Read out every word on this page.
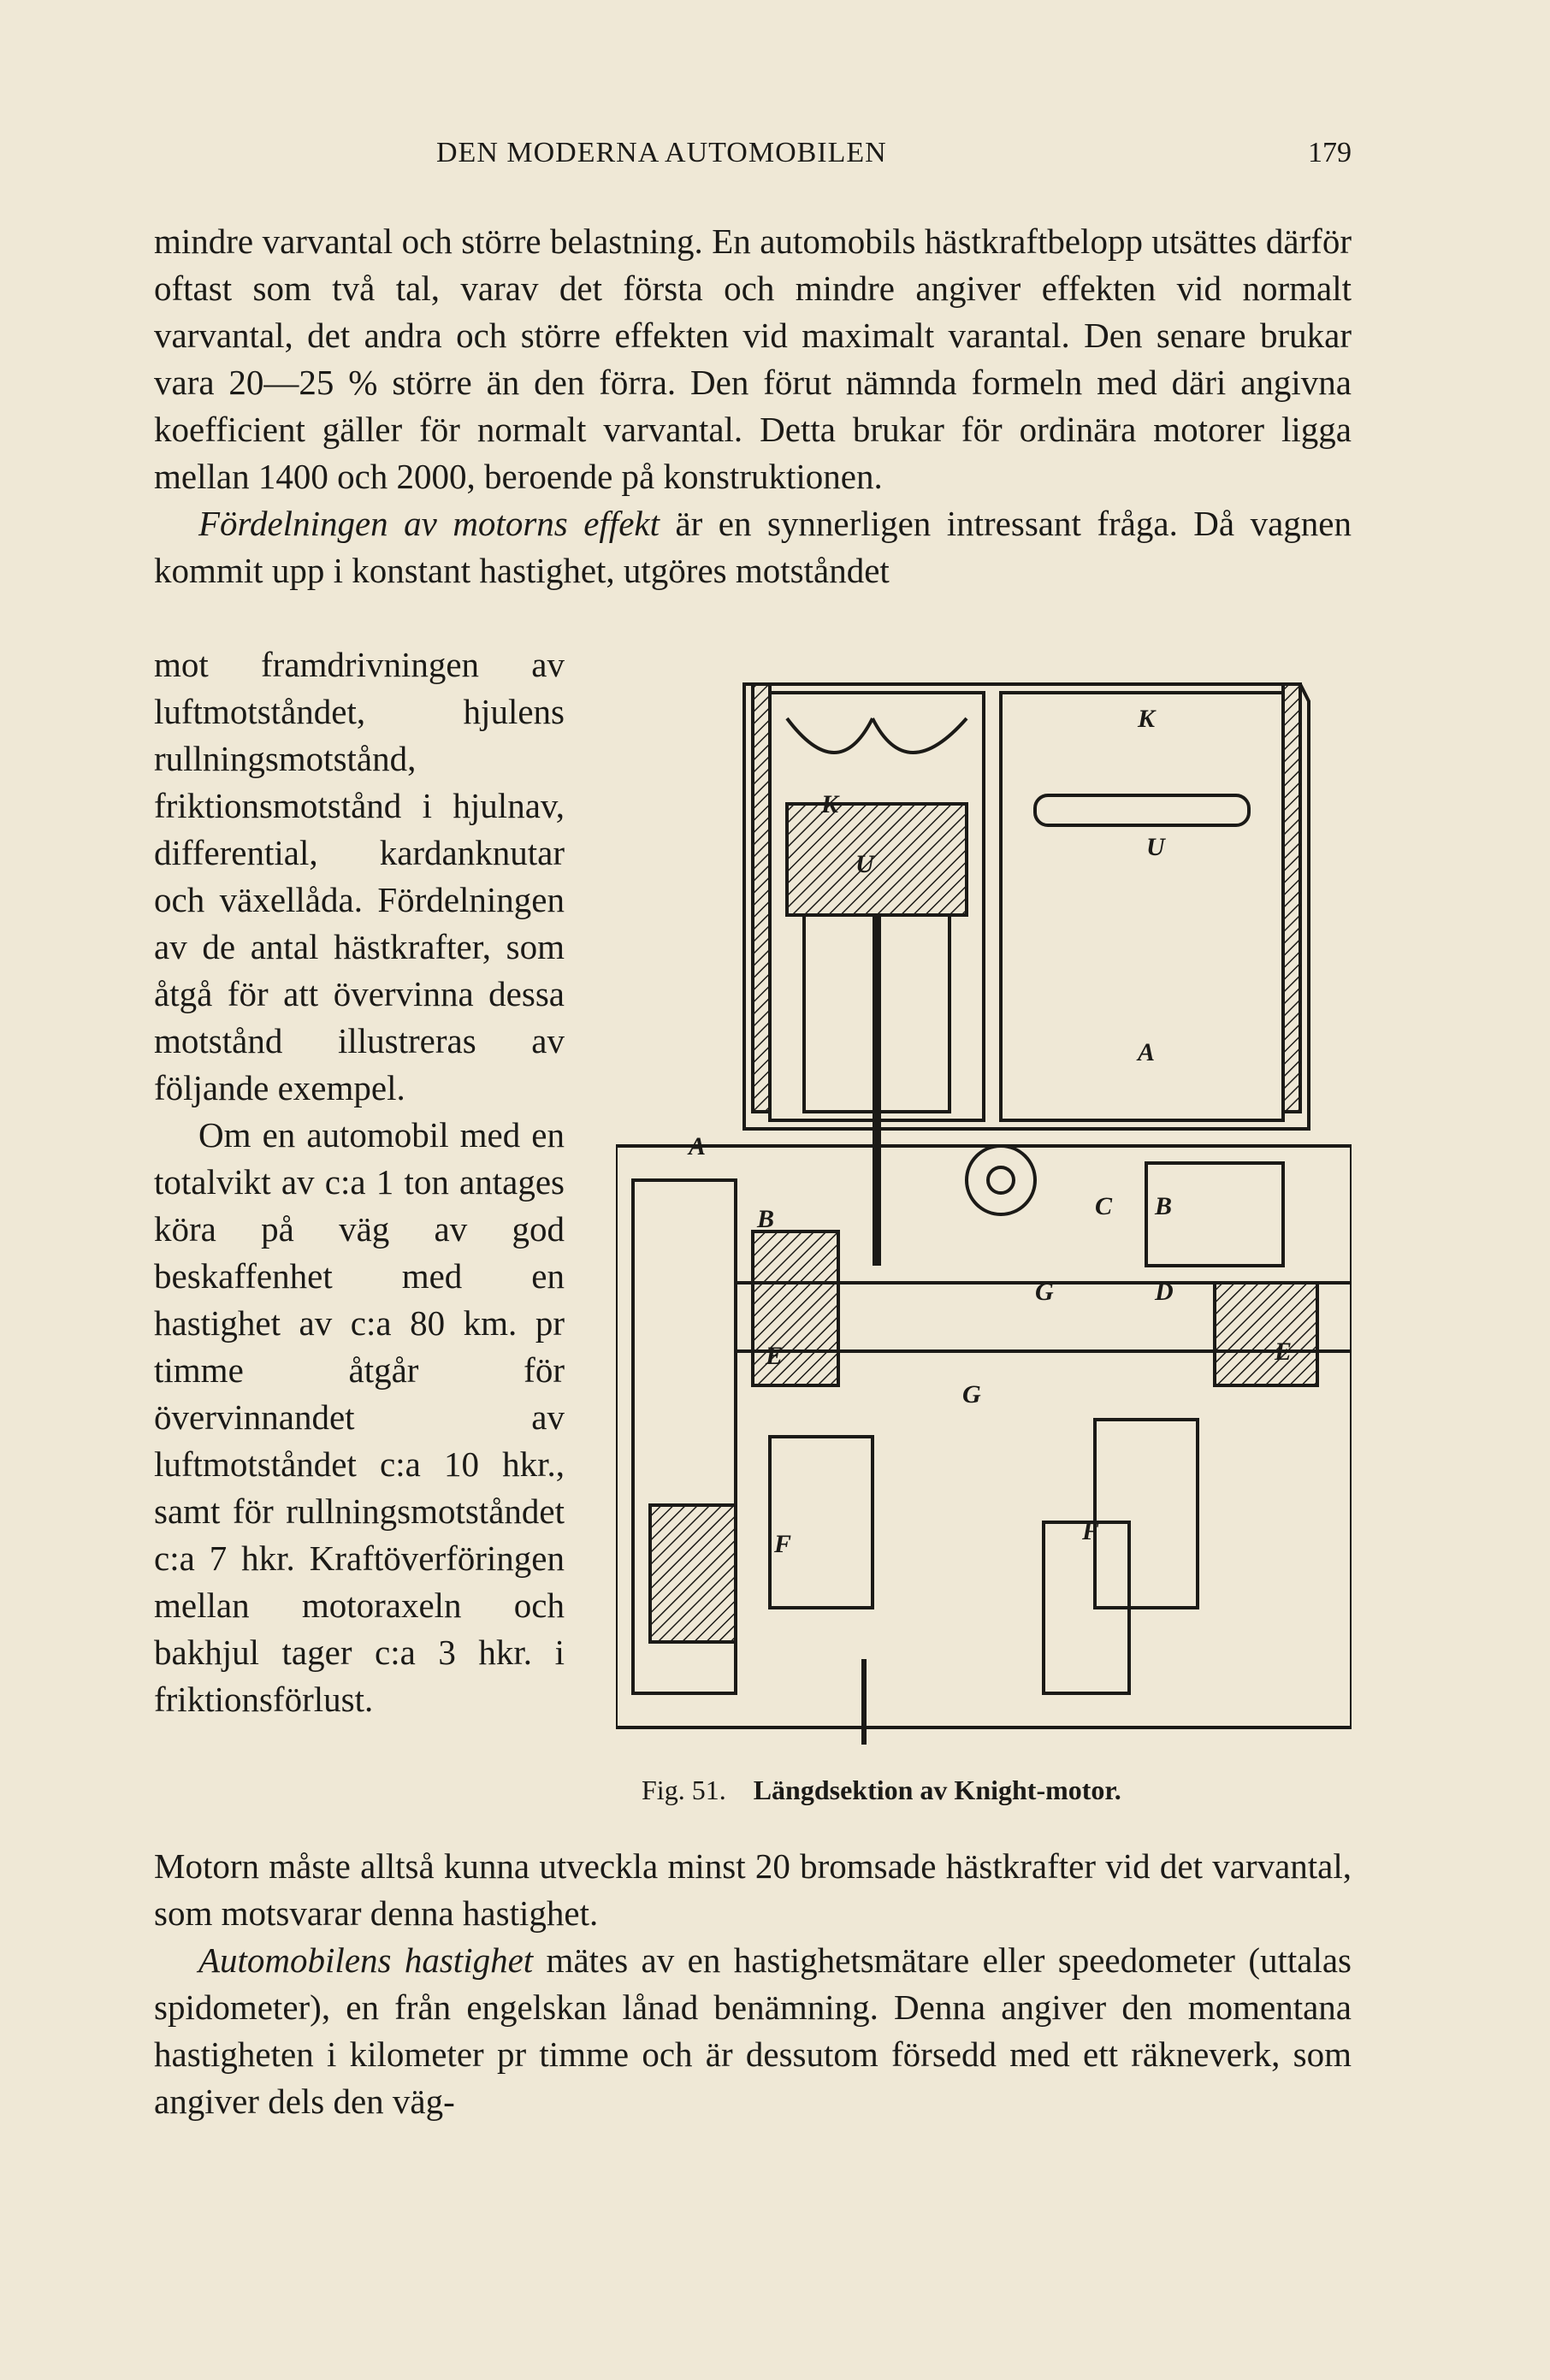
DEN MODERNA AUTOMOBILEN	179

mindre varvantal och större belastning. En automobils hästkraftbelopp utsättes därför oftast som två tal, varav det första och mindre angiver effekten vid normalt varvantal, det andra och större effekten vid maximalt varantal. Den senare brukar vara 20—25 % större än den förra. Den förut nämnda formeln med däri angivna koefficient gäller för normalt varvantal. Detta brukar för ordinära motorer ligga mellan 1400 och 2000, beroende på konstruktionen.

Fördelningen av motorns effekt är en synnerligen intressant fråga. Då vagnen kommit upp i konstant hastighet, utgöres motståndet

mot framdrivningen av luftmotståndet, hjulens rullningsmotstånd, friktionsmotstånd i hjulnav, differential, kardanknutar och växellåda. Fördelningen av de antal hästkrafter, som åtgå för att övervinna dessa motstånd illustreras av följande exempel.

Om en automobil med en totalvikt av c:a 1 ton antages köra på väg av god beskaffenhet med en hastighet av c:a 80 km. pr timme åtgår för övervinnandet av luftmotståndet c:a 10 hkr., samt för rullningsmotståndet c:a 7 hkr. Kraftöverföringen mellan motoraxeln och bakhjul tager c:a 3 hkr. i friktionsförlust.

K
K
U
U
A
A
B	B
C
D
E	E
F	F
G
G
Fig. 51. Längdsektion av Knight-motor.

Motorn måste alltså kunna utveckla minst 20 bromsade hästkrafter vid det varvantal, som motsvarar denna hastighet.

Automobilens hastighet mätes av en hastighetsmätare eller speedometer (uttalas spidometer), en från engelskan lånad benämning. Denna angiver den momentana hastigheten i kilometer pr timme och är dessutom försedd med ett räkneverk, som angiver dels den väg-
